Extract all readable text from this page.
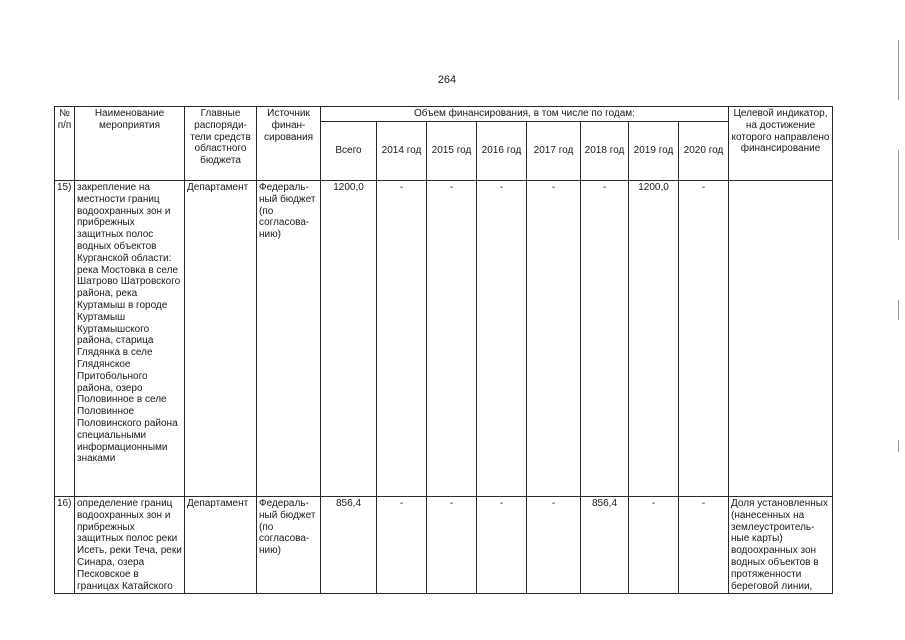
264
№ п/п	Наименование мероприятия	Главные распоряди-тели средств областного бюджета	Источник финан-сирования	Объем финансирования, в том числе по годам:								Целевой индикатор, на достижение которого направлено финансирование
				Всего	2014 год	2015 год	2016 год	2017 год	2018 год	2019 год	2020 год	
15)	закрепление на местности границ водоохранных зон и прибрежных защитных полос водных объектов Курганской области: река Мостовка в селе Шатрово Шатровского района, река Куртамыш в городе Куртамыш Куртамышского района, старица Глядянка в селе Глядянское Притобольного района, озеро Половинное в селе Половинное Половинского района специальными информационными знаками	Департамент	Федераль-ный бюджет (по согласова-нию)	1200,0	-	-	-	-	-	1200,0	-	
16)	определение границ водоохранных зон и прибрежных защитных полос реки Исеть, реки Теча, реки Синара, озера Песковское в границах Катайского	Департамент	Федераль-ный бюджет (по согласова-нию)	856,4	-	-	-	-	856,4	-	-	Доля установленных (нанесенных на землеустроитель-ные карты) водоохранных зон водных объектов в протяженности береговой линии,
